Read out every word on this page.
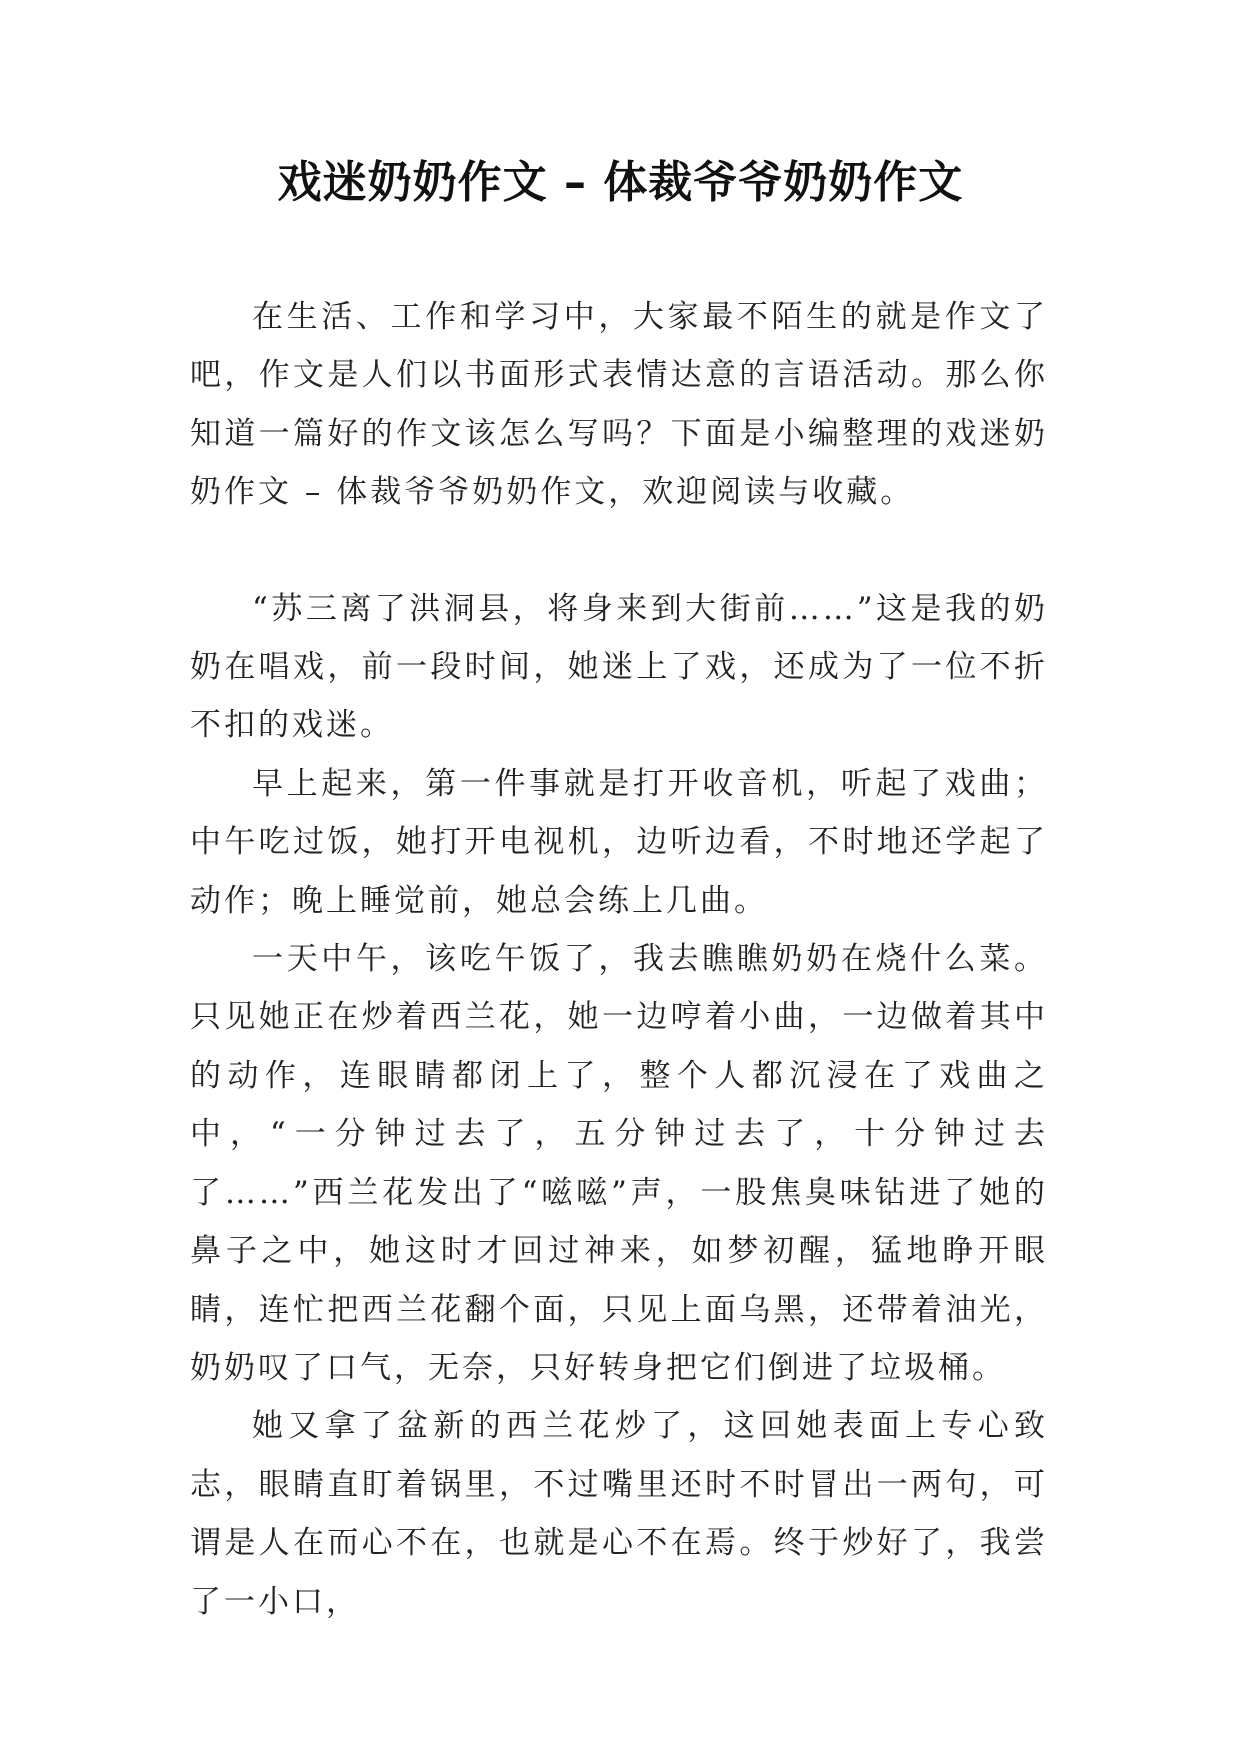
戏迷奶奶作文 – 体裁爷爷奶奶作文

在生活、工作和学习中，大家最不陌生的就是作文了吧，作文是人们以书面形式表情达意的言语活动。那么你知道一篇好的作文该怎么写吗？下面是小编整理的戏迷奶奶作文 – 体裁爷爷奶奶作文，欢迎阅读与收藏。

“苏三离了洪洞县，将身来到大街前……”这是我的奶奶在唱戏，前一段时间，她迷上了戏，还成为了一位不折不扣的戏迷。

早上起来，第一件事就是打开收音机，听起了戏曲；中午吃过饭，她打开电视机，边听边看，不时地还学起了动作；晚上睡觉前，她总会练上几曲。

一天中午，该吃午饭了，我去瞧瞧奶奶在烧什么菜。只见她正在炒着西兰花，她一边哼着小曲，一边做着其中的动作，连眼睛都闭上了，整个人都沉浸在了戏曲之中，“一分钟过去了，五分钟过去了，十分钟过去了……”西兰花发出了“嗞嗞”声，一股焦臭味钻进了她的鼻子之中，她这时才回过神来，如梦初醒，猛地睁开眼睛，连忙把西兰花翻个面，只见上面乌黑，还带着油光，奶奶叹了口气，无奈，只好转身把它们倒进了垃圾桶。

她又拿了盆新的西兰花炒了，这回她表面上专心致志，眼睛直盯着锅里，不过嘴里还时不时冒出一两句，可谓是人在而心不在，也就是心不在焉。终于炒好了，我尝了一小口，
